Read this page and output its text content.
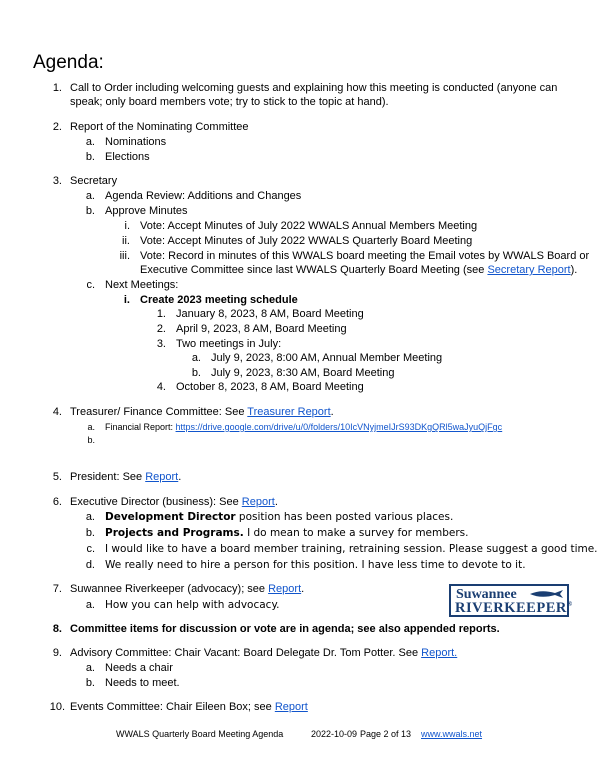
Agenda:
1. Call to Order including welcoming guests and explaining how this meeting is conducted (anyone can
speak; only board members vote; try to stick to the topic at hand).
2. Report of the Nominating Committee
a. Nominations
b. Elections
3. Secretary
a. Agenda Review: Additions and Changes
b. Approve Minutes
i. Vote: Accept Minutes of July 2022 WWALS Annual Members Meeting
ii. Vote: Accept Minutes of July 2022 WWALS Quarterly Board Meeting
iii. Vote: Record in minutes of this WWALS board meeting the Email votes by WWALS Board or
Executive Committee since last WWALS Quarterly Board Meeting (see Secretary Report).
c. Next Meetings:
i. Create 2023 meeting schedule
1. January 8, 2023, 8 AM, Board Meeting
2. April 9, 2023, 8 AM, Board Meeting
3. Two meetings in July:
a. July 9, 2023, 8:00 AM, Annual Member Meeting
b. July 9, 2023, 8:30 AM, Board Meeting
4. October 8, 2023, 8 AM, Board Meeting
4. Treasurer/ Finance Committee: See Treasurer Report.
a. Financial Report: https://drive.google.com/drive/u/0/folders/10IcVNyjmeIJrS93DKgQRl5waJyuQjFgc
b.
5. President: See Report.
6. Executive Director (business): See Report.
a. Development Director position has been posted various places.
b. Projects and Programs. I do mean to make a survey for members.
c. I would like to have a board member training, retraining session. Please suggest a good time.
d. We really need to hire a person for this position. I have less time to devote to it.
7. Suwannee Riverkeeper (advocacy); see Report.
a. How you can help with advocacy.
Suwannee
RIVERKEEPER®
8. Committee items for discussion or vote are in agenda; see also appended reports.
9. Advisory Committee: Chair Vacant: Board Delegate Dr. Tom Potter. See Report.
a. Needs a chair
b. Needs to meet.
10. Events Committee: Chair Eileen Box; see Report
WWALS Quarterly Board Meeting Agenda	2022-10-09 Page 2 of 13 www.wwals.net
